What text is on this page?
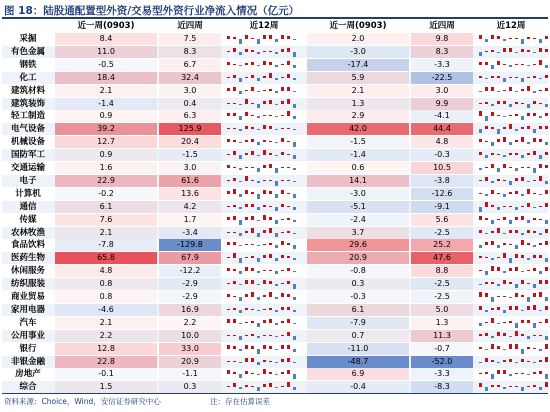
图 18：陆股通配置型外资/交易型外资行业净流入情况（亿元）
近一周(0903)	近四周	近12周	近一周(0903)	近四周	近12周
采掘	8.4	7.5	2.0	9.8
有色金属	11.0	8.3	-3.0	8.3
钢铁	-0.5	6.7	-17.4	-3.3
化工	18.4	32.4	5.9	-22.5
建筑材料	2.1	3.0	2.1	3.0
建筑装饰	-1.4	0.4	1.3	9.9
轻工制造	0.9	6.3	2.9	-4.1
电气设备	39.2	125.9	42.0	44.4
机械设备	12.7	20.4	-1.5	4.8
国防军工	0.9	-1.5	-1.4	-0.3
交通运输	1.6	3.0	0.6	10.5
电子	22.9	61.6	14.1	-3.8
计算机	-0.2	13.6	-3.0	-12.6
通信	6.1	4.2	-5.1	-9.1
传媒	7.6	1.7	-2.4	5.6
农林牧渔	2.1	-3.4	3.7	-2.5
食品饮料	-7.8	-129.8	29.6	25.2
医药生物	65.8	67.9	20.9	47.6
休闲服务	4.8	-12.2	-0.8	8.8
纺织服装	0.8	-2.9	0.3	-2.5
商业贸易	0.8	-2.9	-0.3	-2.5
家用电器	-4.6	16.9	6.1	5.0
汽车	2.1	2.2	-7.9	1.3
公用事业	2.2	10.0	0.7	11.3
银行	12.8	33.0	-11.0	-0.7
非银金融	22.8	20.9	-48.7	-52.0
房地产	-0.1	-1.1	6.9	-3.3
综合	1.5	0.3	-0.4	-8.3
资料来源：Choice，Wind，安信证券研究中心	注：存在估算误差
